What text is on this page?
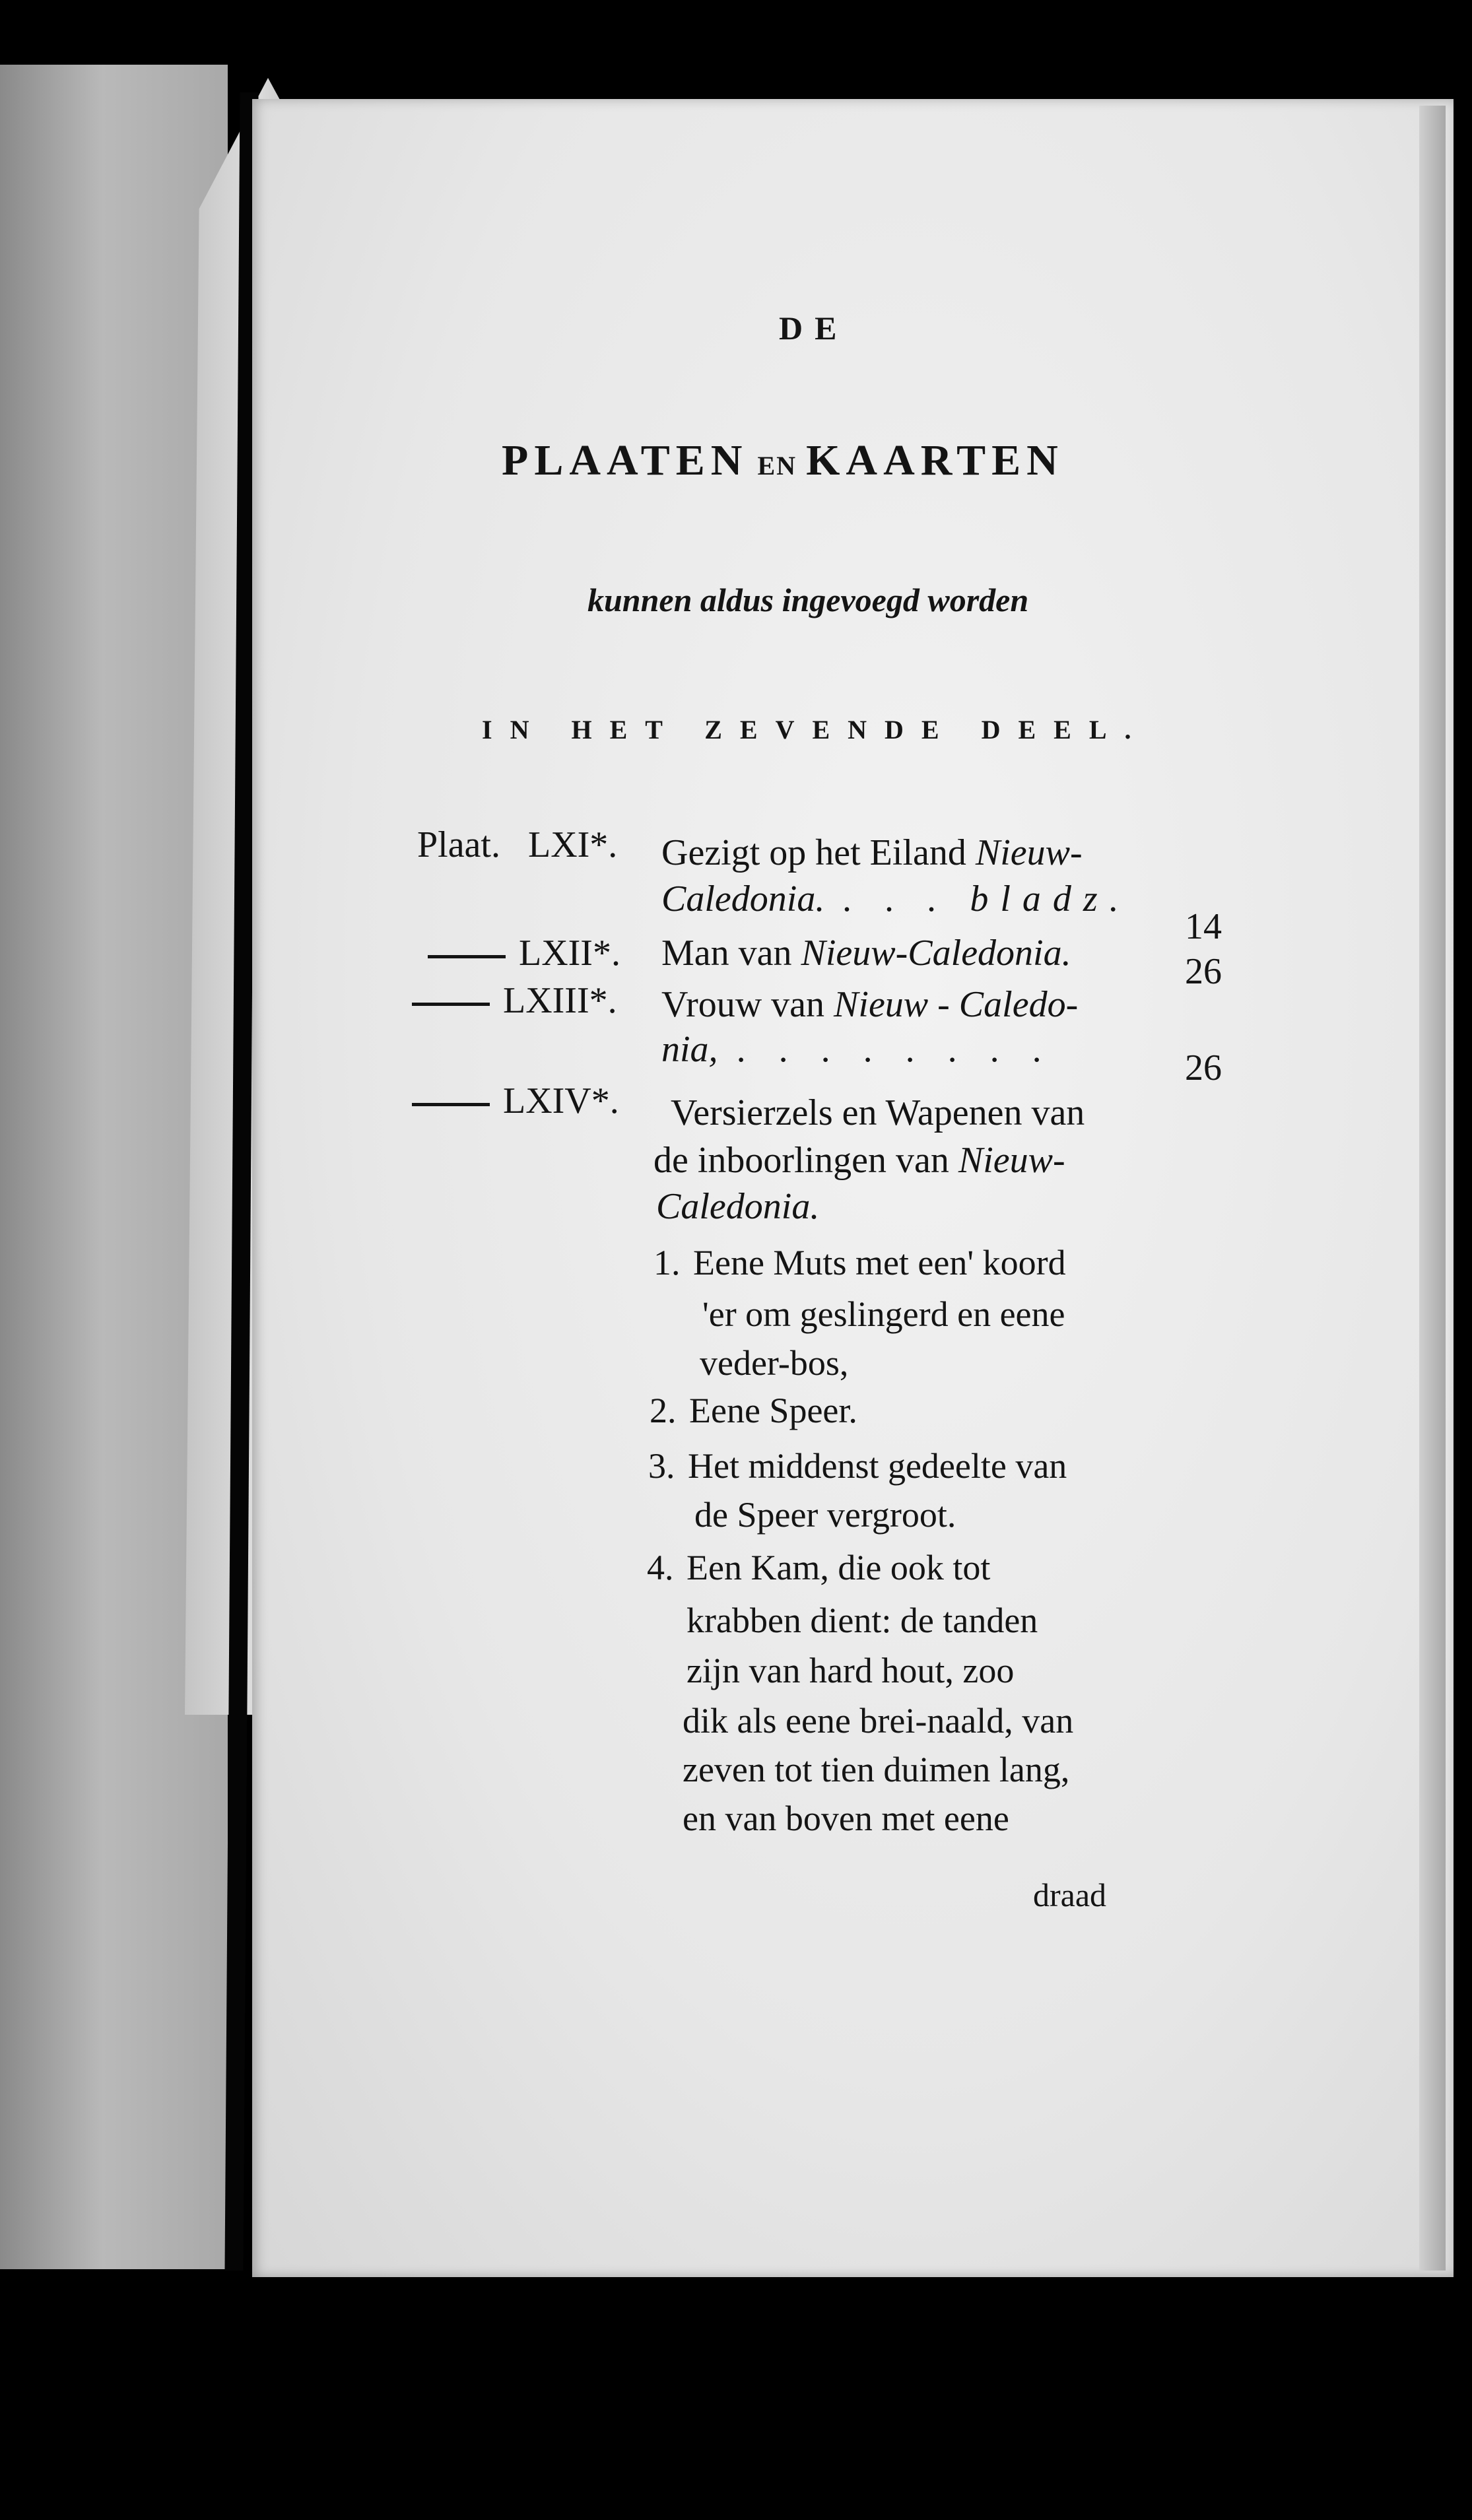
DE
PLAATEN EN KAARTEN
kunnen aldus ingevoegd worden
IN HET ZEVENDE DEEL.
Plaat. LXI*. Gezigt op het Eiland Nieuw-
Caledonia. . . . bladz.
14
LXII*. Man van Nieuw-Caledonia.	26
LXIII*. Vrouw van Nieuw - Caledo-
nia, . . . . . . . .	26
LXIV*. Versierzels en Wapenen van
de inboorlingen van Nieuw-
Caledonia.
1. Eene Muts met een' koord
'er om geslingerd en eene
veder-bos,
2. Eene Speer.
3. Het middenst gedeelte van
de Speer vergroot.
4. Een Kam, die ook tot
krabben dient: de tanden
zijn van hard hout, zoo
dik als eene brei-naald, van
zeven tot tien duimen lang,
en van boven met eene
draad
